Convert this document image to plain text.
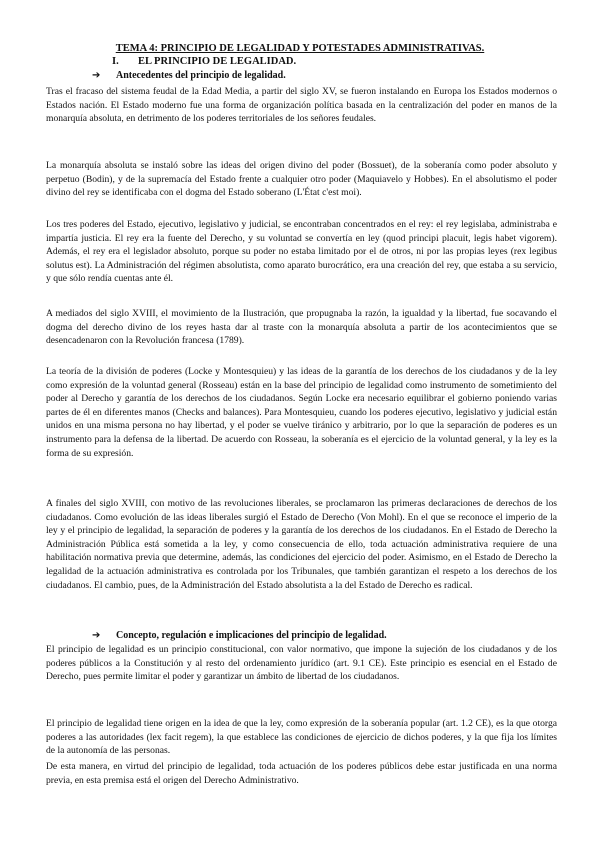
TEMA 4: PRINCIPIO DE LEGALIDAD Y POTESTADES ADMINISTRATIVAS.
I. EL PRINCIPIO DE LEGALIDAD.
➔ Antecedentes del principio de legalidad.

Tras el fracaso del sistema feudal de la Edad Media, a partir del siglo XV, se fueron instalando en Europa los Estados modernos o Estados nación. El Estado moderno fue una forma de organización política basada en la centralización del poder en manos de la monarquía absoluta, en detrimento de los poderes territoriales de los señores feudales.

La monarquía absoluta se instaló sobre las ideas del origen divino del poder (Bossuet), de la soberanía como poder absoluto y perpetuo (Bodin), y de la supremacía del Estado frente a cualquier otro poder (Maquiavelo y Hobbes). En el absolutismo el poder divino del rey se identificaba con el dogma del Estado soberano (L'État c'est moi).

Los tres poderes del Estado, ejecutivo, legislativo y judicial, se encontraban concentrados en el rey: el rey legislaba, administraba e impartía justicia. El rey era la fuente del Derecho, y su voluntad se convertía en ley (quod principi placuit, legis habet vigorem). Además, el rey era el legislador absoluto, porque su poder no estaba limitado por el de otros, ni por las propias leyes (rex legibus solutus est). La Administración del régimen absolutista, como aparato burocrático, era una creación del rey, que estaba a su servicio, y que sólo rendía cuentas ante él.

A mediados del siglo XVIII, el movimiento de la Ilustración, que propugnaba la razón, la igualdad y la libertad, fue socavando el dogma del derecho divino de los reyes hasta dar al traste con la monarquía absoluta a partir de los acontecimientos que se desencadenaron con la Revolución francesa (1789).

La teoría de la división de poderes (Locke y Montesquieu) y las ideas de la garantía de los derechos de los ciudadanos y de la ley como expresión de la voluntad general (Rosseau) están en la base del principio de legalidad como instrumento de sometimiento del poder al Derecho y garantía de los derechos de los ciudadanos. Según Locke era necesario equilibrar el gobierno poniendo varias partes de él en diferentes manos (Checks and balances). Para Montesquieu, cuando los poderes ejecutivo, legislativo y judicial están unidos en una misma persona no hay libertad, y el poder se vuelve tiránico y arbitrario, por lo que la separación de poderes es un instrumento para la defensa de la libertad. De acuerdo con Rosseau, la soberanía es el ejercicio de la voluntad general, y la ley es la forma de su expresión.

A finales del siglo XVIII, con motivo de las revoluciones liberales, se proclamaron las primeras declaraciones de derechos de los ciudadanos. Como evolución de las ideas liberales surgió el Estado de Derecho (Von Mohl). En el que se reconoce el imperio de la ley y el principio de legalidad, la separación de poderes y la garantía de los derechos de los ciudadanos. En el Estado de Derecho la Administración Pública está sometida a la ley, y como consecuencia de ello, toda actuación administrativa requiere de una habilitación normativa previa que determine, además, las condiciones del ejercicio del poder. Asimismo, en el Estado de Derecho la legalidad de la actuación administrativa es controlada por los Tribunales, que también garantizan el respeto a los derechos de los ciudadanos. El cambio, pues, de la Administración del Estado absolutista a la del Estado de Derecho es radical.

➔ Concepto, regulación e implicaciones del principio de legalidad.

El principio de legalidad es un principio constitucional, con valor normativo, que impone la sujeción de los ciudadanos y de los poderes públicos a la Constitución y al resto del ordenamiento jurídico (art. 9.1 CE). Este principio es esencial en el Estado de Derecho, pues permite limitar el poder y garantizar un ámbito de libertad de los ciudadanos.

El principio de legalidad tiene origen en la idea de que la ley, como expresión de la soberanía popular (art. 1.2 CE), es la que otorga poderes a las autoridades (lex facit regem), la que establece las condiciones de ejercicio de dichos poderes, y la que fija los límites de la autonomía de las personas.

De esta manera, en virtud del principio de legalidad, toda actuación de los poderes públicos debe estar justificada en una norma previa, en esta premisa está el origen del Derecho Administrativo.
